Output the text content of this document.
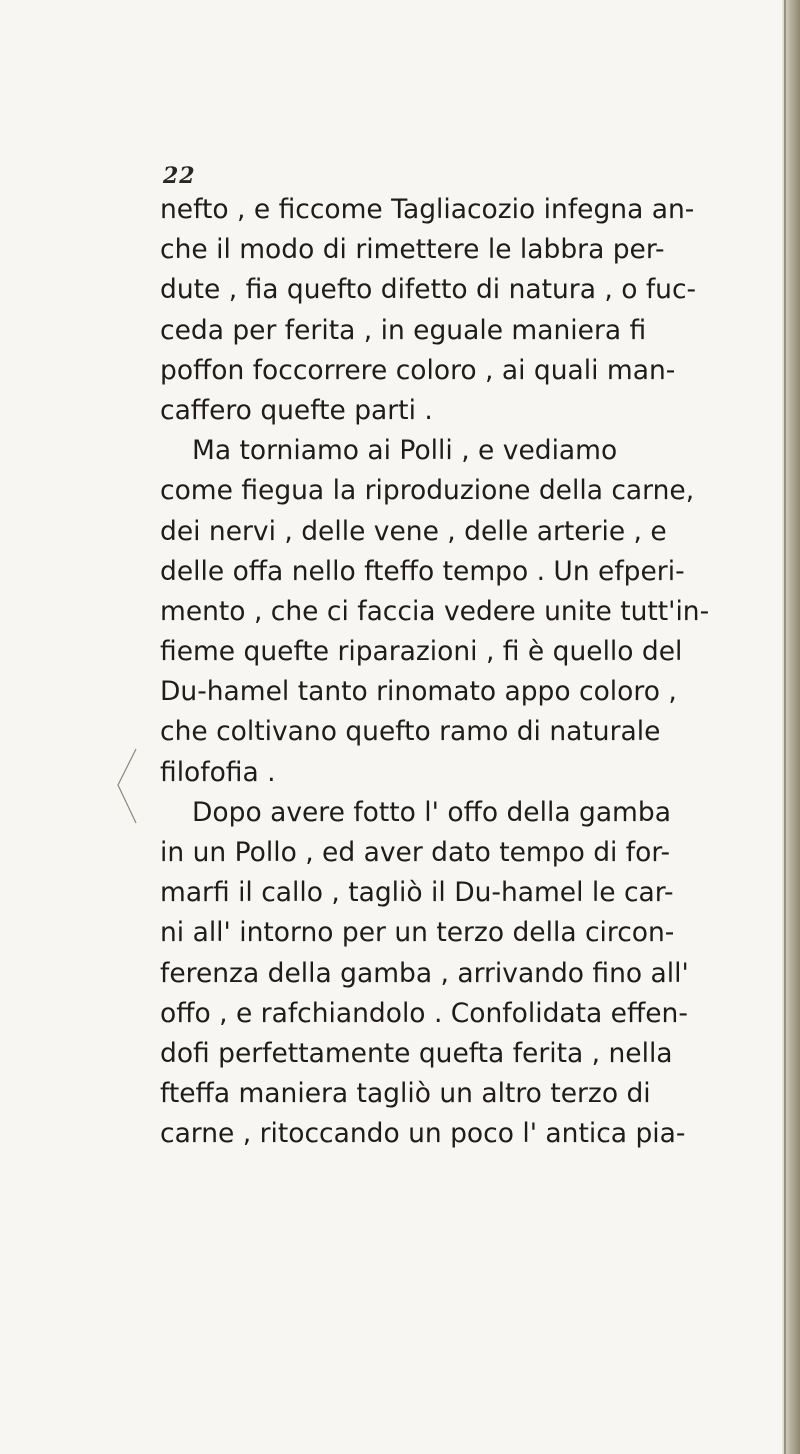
22
nefto , e ficcome Tagliacozio infegna an-
che il modo di rimettere le labbra per-
dute , fia quefto difetto di natura , o fuc-
ceda per ferita , in eguale maniera fi
poffon foccorrere coloro , ai quali man-
caffero quefte parti .
Ma torniamo ai Polli , e vediamo
come fiegua la riproduzione della carne,
dei nervi , delle vene , delle arterie , e
delle offa nello fteffo tempo . Un efperi-
mento , che ci faccia vedere unite tutt'in-
fieme quefte riparazioni , fi è quello del
Du-hamel tanto rinomato appo coloro ,
che coltivano quefto ramo di naturale
filofofia .
Dopo avere fotto l' offo della gamba
in un Pollo , ed aver dato tempo di for-
marfi il callo , tagliò il Du-hamel le car-
ni all' intorno per un terzo della circon-
ferenza della gamba , arrivando fino all'
offo , e rafchiandolo . Confolidata effen-
dofi perfettamente quefta ferita , nella
fteffa maniera tagliò un altro terzo di
carne , ritoccando un poco l' antica pia-
